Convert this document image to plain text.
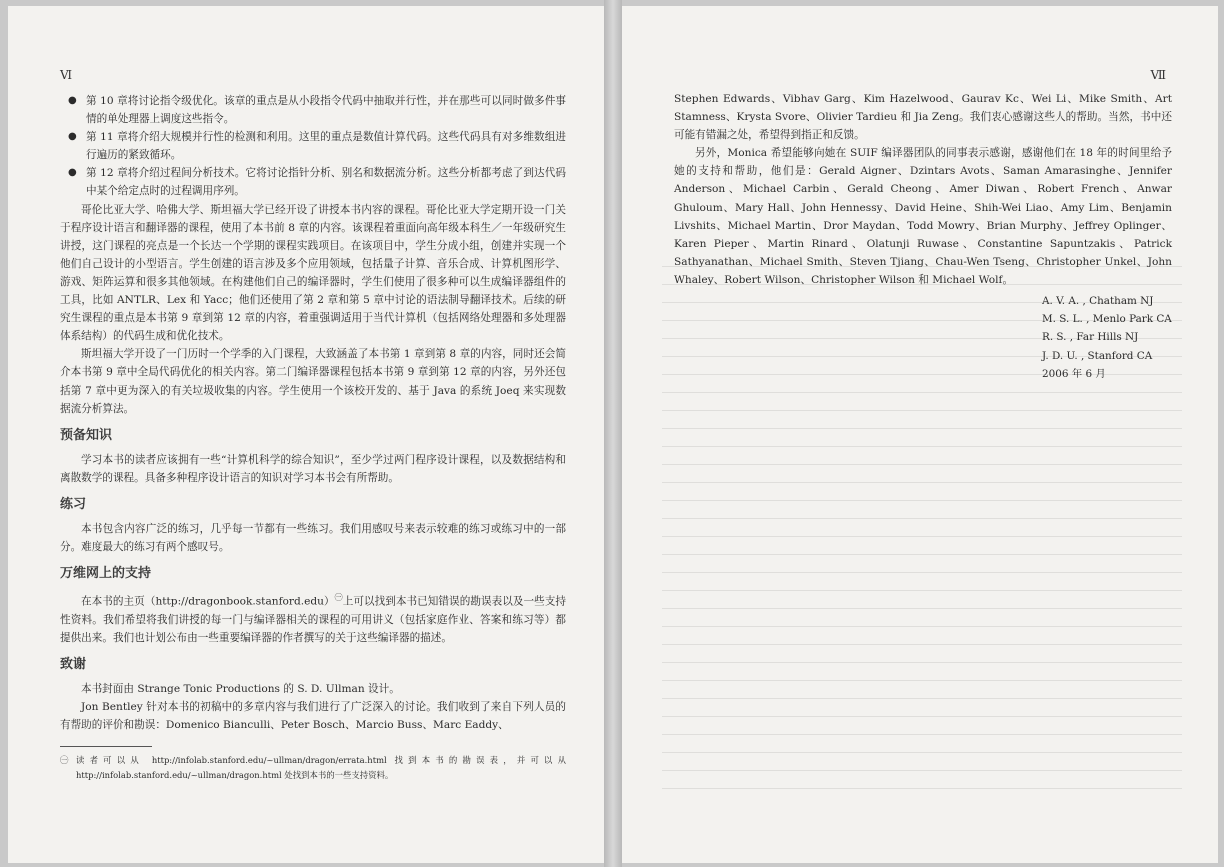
Ⅵ
● 第 10 章将讨论指令级优化。该章的重点是从小段指令代码中抽取并行性，并在那些可以同时做多件事情的单处理器上调度这些指令。
● 第 11 章将介绍大规模并行性的检测和利用。这里的重点是数值计算代码。这些代码具有对多维数组进行遍历的紧致循环。
● 第 12 章将介绍过程间分析技术。它将讨论指针分析、别名和数据流分析。这些分析都考虑了到达代码中某个给定点时的过程调用序列。

哥伦比亚大学、哈佛大学、斯坦福大学已经开设了讲授本书内容的课程。哥伦比亚大学定期开设一门关于程序设计语言和翻译器的课程，使用了本书前 8 章的内容。该课程着重面向高年级本科生／一年级研究生讲授，这门课程的亮点是一个长达一个学期的课程实践项目。在该项目中，学生分成小组，创建并实现一个他们自己设计的小型语言。学生创建的语言涉及多个应用领域，包括量子计算、音乐合成、计算机图形学、游戏、矩阵运算和很多其他领域。在构建他们自己的编译器时，学生们使用了很多种可以生成编译器组件的工具，比如 ANTLR、Lex 和 Yacc；他们还使用了第 2 章和第 5 章中讨论的语法制导翻译技术。后续的研究生课程的重点是本书第 9 章到第 12 章的内容，着重强调适用于当代计算机（包括网络处理器和多处理器体系结构）的代码生成和优化技术。

斯坦福大学开设了一门历时一个学季的入门课程，大致涵盖了本书第 1 章到第 8 章的内容，同时还会简介本书第 9 章中全局代码优化的相关内容。第二门编译器课程包括本书第 9 章到第 12 章的内容，另外还包括第 7 章中更为深入的有关垃圾收集的内容。学生使用一个该校开发的、基于 Java 的系统 Joeq 来实现数据流分析算法。

预备知识

学习本书的读者应该拥有一些“计算机科学的综合知识”，至少学过两门程序设计课程，以及数据结构和离散数学的课程。具备多种程序设计语言的知识对学习本书会有所帮助。

练习

本书包含内容广泛的练习，几乎每一节都有一些练习。我们用感叹号来表示较难的练习或练习中的一部分。难度最大的练习有两个感叹号。

万维网上的支持

在本书的主页（http://dragonbook.stanford.edu）$^㊀$上可以找到本书已知错误的勘误表以及一些支持性资料。我们希望将我们讲授的每一门与编译器相关的课程的可用讲义（包括家庭作业、答案和练习等）都提供出来。我们也计划公布由一些重要编译器的作者撰写的关于这些编译器的描述。

致谢

本书封面由 Strange Tonic Productions 的 S. D. Ullman 设计。

Jon Bentley 针对本书的初稿中的多章内容与我们进行了广泛深入的讨论。我们收到了来自下列人员的有帮助的评价和勘误：Domenico Bianculli、Peter Bosch、Marcio Buss、Marc Eaddy、

㊀ 读者可以从 http://infolab.stanford.edu/~ullman/dragon/errata.html 找到本书的勘误表，并可以从 http://infolab.stanford.edu/~ullman/dragon.html 处找到本书的一些支持资料。
Ⅶ

Stephen Edwards、Vibhav Garg、Kim Hazelwood、Gaurav Kc、Wei Li、Mike Smith、Art Stamness、Krysta Svore、Olivier Tardieu 和 Jia Zeng。我们衷心感谢这些人的帮助。当然，书中还可能有错漏之处，希望得到指正和反馈。

另外，Monica 希望能够向她在 SUIF 编译器团队的同事表示感谢，感谢他们在 18 年的时间里给予她的支持和帮助，他们是：Gerald Aigner、Dzintars Avots、Saman Amarasinghe、Jennifer Anderson、Michael Carbin、Gerald Cheong、Amer Diwan、Robert French、Anwar Ghuloum、Mary Hall、John Hennessy、David Heine、Shih-Wei Liao、Amy Lim、Benjamin Livshits、Michael Martin、Dror Maydan、Todd Mowry、Brian Murphy、Jeffrey Oplinger、Karen Pieper、Martin Rinard、Olatunji Ruwase、Constantine Sapuntzakis、Patrick Sathyanathan、Michael Smith、Steven Tjiang、Chau-Wen Tseng、Christopher Unkel、John Whaley、Robert Wilson、Christopher Wilson 和 Michael Wolf。

A. V. A. , Chatham NJ
M. S. L. , Menlo Park CA
R. S. , Far Hills NJ
J. D. U. , Stanford CA
2006 年 6 月
